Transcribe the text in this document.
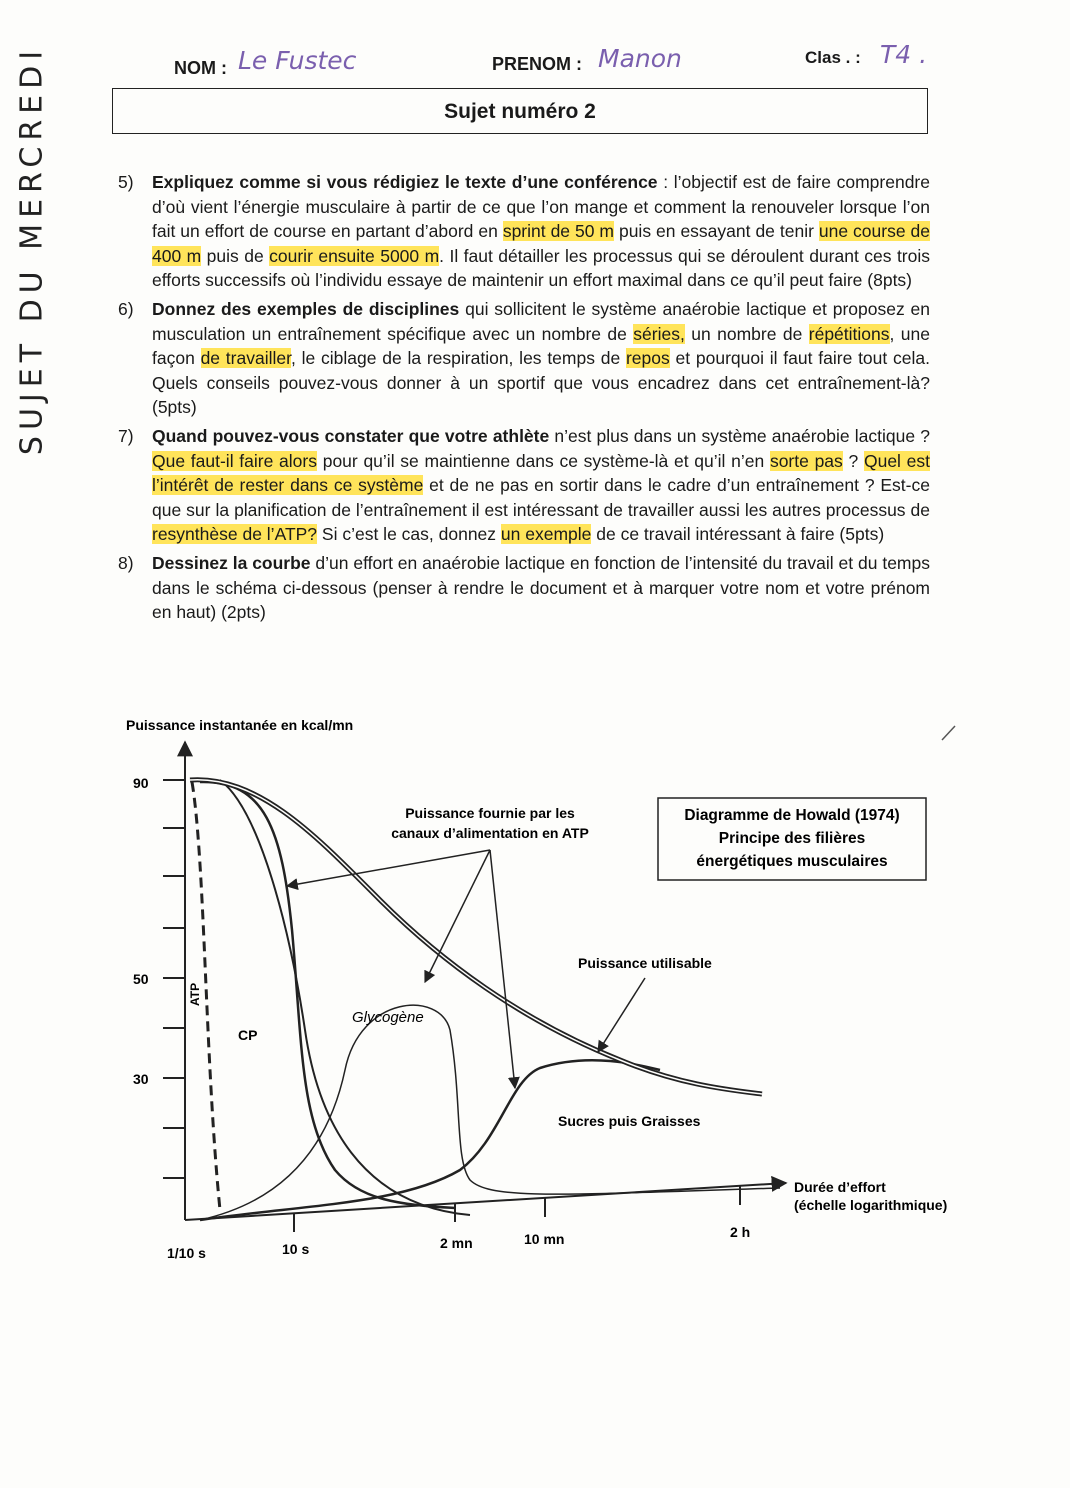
SUJET DU MERCREDI	NOM : Le Fustec	PRENOM : Manon	Clas . : T4 .
Sujet numéro 2
5) Expliquez comme si vous rédigiez le texte d’une conférence : l’objectif est de faire comprendre d’où vient l’énergie musculaire à partir de ce que l’on mange et comment la renouveler lorsque l’on fait un effort de course en partant d’abord en sprint de 50 m puis en essayant de tenir une course de 400 m puis de courir ensuite 5000 m. Il faut détailler les processus qui se déroulent durant ces trois efforts successifs où l’individu essaye de maintenir un effort maximal dans ce qu’il peut faire (8pts)

6) Donnez des exemples de disciplines qui sollicitent le système anaérobie lactique et proposez en musculation un entraînement spécifique avec un nombre de séries, un nombre de répétitions, une façon de travailler, le ciblage de la respiration, les temps de repos et pourquoi il faut faire tout cela. Quels conseils pouvez-vous donner à un sportif que vous encadrez dans cet entraînement-là? (5pts)

7) Quand pouvez-vous constater que votre athlète n’est plus dans un système anaérobie lactique ? Que faut-il faire alors pour qu’il se maintienne dans ce système-là et qu’il n’en sorte pas ? Quel est l’intérêt de rester dans ce système et de ne pas en sortir dans le cadre d’un entraînement ? Est-ce que sur la planification de l’entraînement il est intéressant de travailler aussi les autres processus de resynthèse de l’ATP? Si c’est le cas, donnez un exemple de ce travail intéressant à faire (5pts)

8) Dessinez la courbe d’un effort en anaérobie lactique en fonction de l’intensité du travail et du temps dans le schéma ci-dessous (penser à rendre le document et à marquer votre nom et votre prénom en haut) (2pts)

Puissance instantanée en kcal/mn
90
50
30
1/10 s	10 s	2 mn	10 mn	2 h
Durée d’effort
(échelle logarithmique)
Diagramme de Howald (1974)
Principe des filières
énergétiques musculaires
ATP
CP
Glycogène
Sucres puis Graisses
Puissance utilisable
Puissance fournie par les
canaux d’alimentation en ATP
